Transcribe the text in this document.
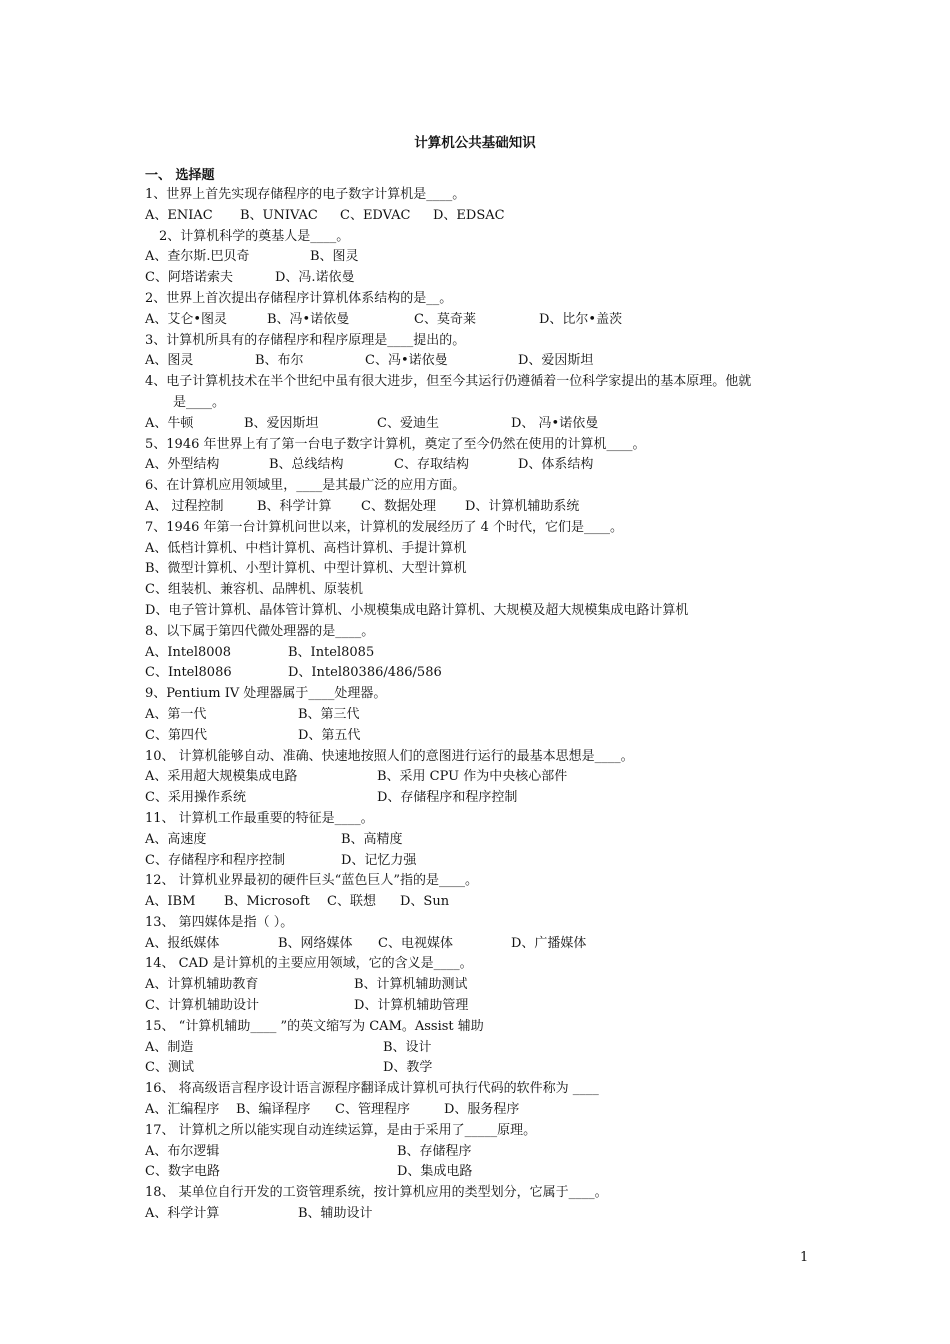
计算机公共基础知识
一、 选择题
1、世界上首先实现存储程序的电子数字计算机是____。
A、ENIAC B、UNIVAC C、EDVAC D、EDSAC
2、计算机科学的奠基人是____。
A、查尔斯.巴贝奇	B、图灵
C、阿塔诺索夫	D、冯.诺依曼
2、世界上首次提出存储程序计算机体系结构的是__。
A、艾仑•图灵	B、冯•诺依曼	C、莫奇莱	D、比尔•盖茨
3、计算机所具有的存储程序和程序原理是____提出的。
A、图灵	B、布尔	C、冯•诺依曼	D、爱因斯坦
4、电子计算机技术在半个世纪中虽有很大进步，但至今其运行仍遵循着一位科学家提出的基本原理。他就
是____。
A、牛顿	B、爱因斯坦	C、爱迪生	D、 冯•诺依曼
5、1946 年世界上有了第一台电子数字计算机，奠定了至今仍然在使用的计算机____。
A、外型结构	B、总线结构	C、存取结构	D、体系结构
6、在计算机应用领域里，____是其最广泛的应用方面。
A、 过程控制	B、科学计算 C、数据处理 D、计算机辅助系统
7、1946 年第一台计算机问世以来，计算机的发展经历了 4 个时代，它们是____。
A、低档计算机、中档计算机、高档计算机、手提计算机
B、微型计算机、小型计算机、中型计算机、大型计算机
C、组装机、兼容机、品牌机、原装机
D、电子管计算机、晶体管计算机、小规模集成电路计算机、大规模及超大规模集成电路计算机
8、以下属于第四代微处理器的是____。
A、Intel8008	B、Intel8085
C、Intel8086	D、Intel80386/486/586
9、Pentium IV 处理器属于____处理器。
A、第一代	B、第三代
C、第四代	D、第五代
10、 计算机能够自动、准确、快速地按照人们的意图进行运行的最基本思想是____。
A、采用超大规模集成电路	B、采用 CPU 作为中央核心部件
C、采用操作系统	D、存储程序和程序控制
11、 计算机工作最重要的特征是____。
A、高速度	B、高精度
C、存储程序和程序控制	D、记忆力强
12、 计算机业界最初的硬件巨头“蓝色巨人”指的是____。
A、IBM B、Microsoft C、联想 D、Sun
13、 第四媒体是指（ ）。
A、报纸媒体	B、网络媒体 C、电视媒体	D、广播媒体
14、 CAD 是计算机的主要应用领域，它的含义是____。
A、计算机辅助教育	B、计算机辅助测试
C、计算机辅助设计	D、计算机辅助管理
15、 “计算机辅助____ ”的英文缩写为 CAM。Assist 辅助
A、制造	B、设计
C、测试	D、教学
16、 将高级语言程序设计语言源程序翻译成计算机可执行代码的软件称为 ____
A、汇编程序 B、编译程序 C、管理程序	D、服务程序
17、 计算机之所以能实现自动连续运算，是由于采用了_____原理。
A、布尔逻辑	B、存储程序
C、数字电路	D、集成电路
18、 某单位自行开发的工资管理系统，按计算机应用的类型划分，它属于____。
A、科学计算	B、辅助设计
1
